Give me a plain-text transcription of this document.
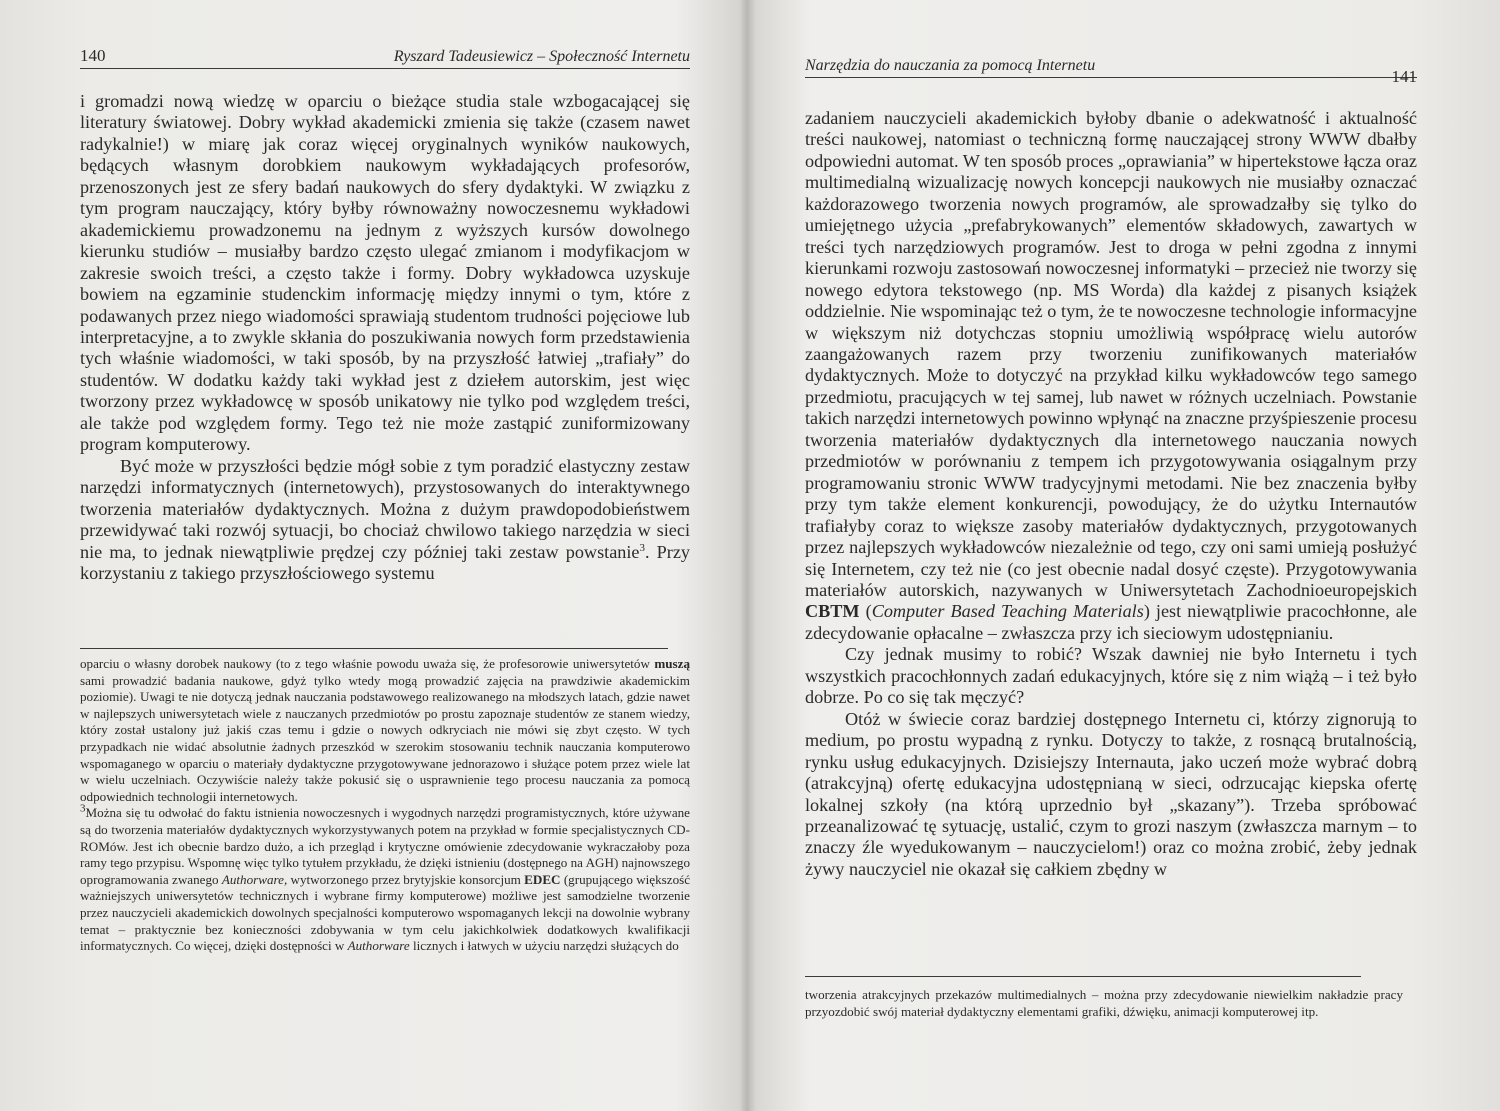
140	Ryszard Tadeusiewicz – Społeczność Internetu

i gromadzi nową wiedzę w oparciu o bieżące studia stale wzbogacającej się literatury światowej. Dobry wykład akademicki zmienia się także (czasem nawet radykalnie!) w miarę jak coraz więcej oryginalnych wyników naukowych, będących własnym dorobkiem naukowym wykładających profesorów, przenoszonych jest ze sfery badań naukowych do sfery dydaktyki. W związku z tym program nauczający, który byłby równoważny nowoczesnemu wykładowi akademickiemu prowadzonemu na jednym z wyższych kursów dowolnego kierunku studiów – musiałby bardzo często ulegać zmianom i modyfikacjom w zakresie swoich treści, a często także i formy. Dobry wykładowca uzyskuje bowiem na egzaminie studenckim informację między innymi o tym, które z podawanych przez niego wiadomości sprawiają studentom trudności pojęciowe lub interpretacyjne, a to zwykle skłania do poszukiwania nowych form przedstawienia tych właśnie wiadomości, w taki sposób, by na przyszłość łatwiej „trafiały” do studentów. W dodatku każdy taki wykład jest z dziełem autorskim, jest więc tworzony przez wykładowcę w sposób unikatowy nie tylko pod względem treści, ale także pod względem formy. Tego też nie może zastąpić zuniformizowany program komputerowy.

Być może w przyszłości będzie mógł sobie z tym poradzić elastyczny zestaw narzędzi informatycznych (internetowych), przystosowanych do interaktywnego tworzenia materiałów dydaktycznych. Można z dużym prawdopodobieństwem przewidywać taki rozwój sytuacji, bo chociaż chwilowo takiego narzędzia w sieci nie ma, to jednak niewątpliwie prędzej czy później taki zestaw powstanie$^3$. Przy korzystaniu z takiego przyszłościowego systemu

oparciu o własny dorobek naukowy (to z tego właśnie powodu uważa się, że profesorowie uniwersytetów muszą sami prowadzić badania naukowe, gdyż tylko wtedy mogą prowadzić zajęcia na prawdziwie akademickim poziomie). Uwagi te nie dotyczą jednak nauczania podstawowego realizowanego na młodszych latach, gdzie nawet w najlepszych uniwersytetach wiele z nauczanych przedmiotów po prostu zapoznaje studentów ze stanem wiedzy, który został ustalony już jakiś czas temu i gdzie o nowych odkryciach nie mówi się zbyt często. W tych przypadkach nie widać absolutnie żadnych przeszkód w szerokim stosowaniu technik nauczania komputerowo wspomaganego w oparciu o materiały dydaktyczne przygotowywane jednorazowo i służące potem przez wiele lat w wielu uczelniach. Oczywiście należy także pokusić się o usprawnienie tego procesu nauczania za pomocą odpowiednich technologii internetowych.

$^3$Można się tu odwołać do faktu istnienia nowoczesnych i wygodnych narzędzi programistycznych, które używane są do tworzenia materiałów dydaktycznych wykorzystywanych potem na przykład w formie specjalistycznych CD-ROMów. Jest ich obecnie bardzo dużo, a ich przegląd i krytyczne omówienie zdecydowanie wykraczałoby poza ramy tego przypisu. Wspomnę więc tylko tytułem przykładu, że dzięki istnieniu (dostępnego na AGH) najnowszego oprogramowania zwanego Authorware, wytworzonego przez brytyjskie konsorcjum EDEC (grupującego większość ważniejszych uniwersytetów technicznych i wybrane firmy komputerowe) możliwe jest samodzielne tworzenie przez nauczycieli akademickich dowolnych specjalności komputerowo wspomaganych lekcji na dowolnie wybrany temat – praktycznie bez konieczności zdobywania w tym celu jakichkolwiek dodatkowych kwalifikacji informatycznych. Co więcej, dzięki dostępności w Authorware licznych i łatwych w użyciu narzędzi służących do

Narzędzia do nauczania za pomocą Internetu
141

zadaniem nauczycieli akademickich byłoby dbanie o adekwatność i aktualność treści naukowej, natomiast o techniczną formę nauczającej strony WWW dbałby odpowiedni automat. W ten sposób proces „oprawiania” w hipertekstowe łącza oraz multimedialną wizualizację nowych koncepcji naukowych nie musiałby oznaczać każdorazowego tworzenia nowych programów, ale sprowadzałby się tylko do umiejętnego użycia „prefabrykowanych” elementów składowych, zawartych w treści tych narzędziowych programów. Jest to droga w pełni zgodna z innymi kierunkami rozwoju zastosowań nowoczesnej informatyki – przecież nie tworzy się nowego edytora tekstowego (np. MS Worda) dla każdej z pisanych książek oddzielnie. Nie wspominając też o tym, że te nowoczesne technologie informacyjne w większym niż dotychczas stopniu umożliwią współpracę wielu autorów zaangażowanych razem przy tworzeniu zunifikowanych materiałów dydaktycznych. Może to dotyczyć na przykład kilku wykładowców tego samego przedmiotu, pracujących w tej samej, lub nawet w różnych uczelniach. Powstanie takich narzędzi internetowych powinno wpłynąć na znaczne przyśpieszenie procesu tworzenia materiałów dydaktycznych dla internetowego nauczania nowych przedmiotów w porównaniu z tempem ich przygotowywania osiągalnym przy programowaniu stronic WWW tradycyjnymi metodami. Nie bez znaczenia byłby przy tym także element konkurencji, powodujący, że do użytku Internautów trafiałyby coraz to większe zasoby materiałów dydaktycznych, przygotowanych przez najlepszych wykładowców niezależnie od tego, czy oni sami umieją posłużyć się Internetem, czy też nie (co jest obecnie nadal dosyć częste). Przygotowywania materiałów autorskich, nazywanych w Uniwersytetach Zachodnioeuropejskich CBTM (Computer Based Teaching Materials) jest niewątpliwie pracochłonne, ale zdecydowanie opłacalne – zwłaszcza przy ich sieciowym udostępnianiu.

Czy jednak musimy to robić? Wszak dawniej nie było Internetu i tych wszystkich pracochłonnych zadań edukacyjnych, które się z nim wiążą – i też było dobrze. Po co się tak męczyć?

Otóż w świecie coraz bardziej dostępnego Internetu ci, którzy zignorują to medium, po prostu wypadną z rynku. Dotyczy to także, z rosnącą brutalnością, rynku usług edukacyjnych. Dzisiejszy Internauta, jako uczeń może wybrać dobrą (atrakcyjną) ofertę edukacyjna udostępnianą w sieci, odrzucając kiepska ofertę lokalnej szkoły (na którą uprzednio był „skazany”). Trzeba spróbować przeanalizować tę sytuację, ustalić, czym to grozi naszym (zwłaszcza marnym – to znaczy źle wyedukowanym – nauczycielom!) oraz co można zrobić, żeby jednak żywy nauczyciel nie okazał się całkiem zbędny w

tworzenia atrakcyjnych przekazów multimedialnych – można przy zdecydowanie niewielkim nakładzie pracy przyozdobić swój materiał dydaktyczny elementami grafiki, dźwięku, animacji komputerowej itp.
